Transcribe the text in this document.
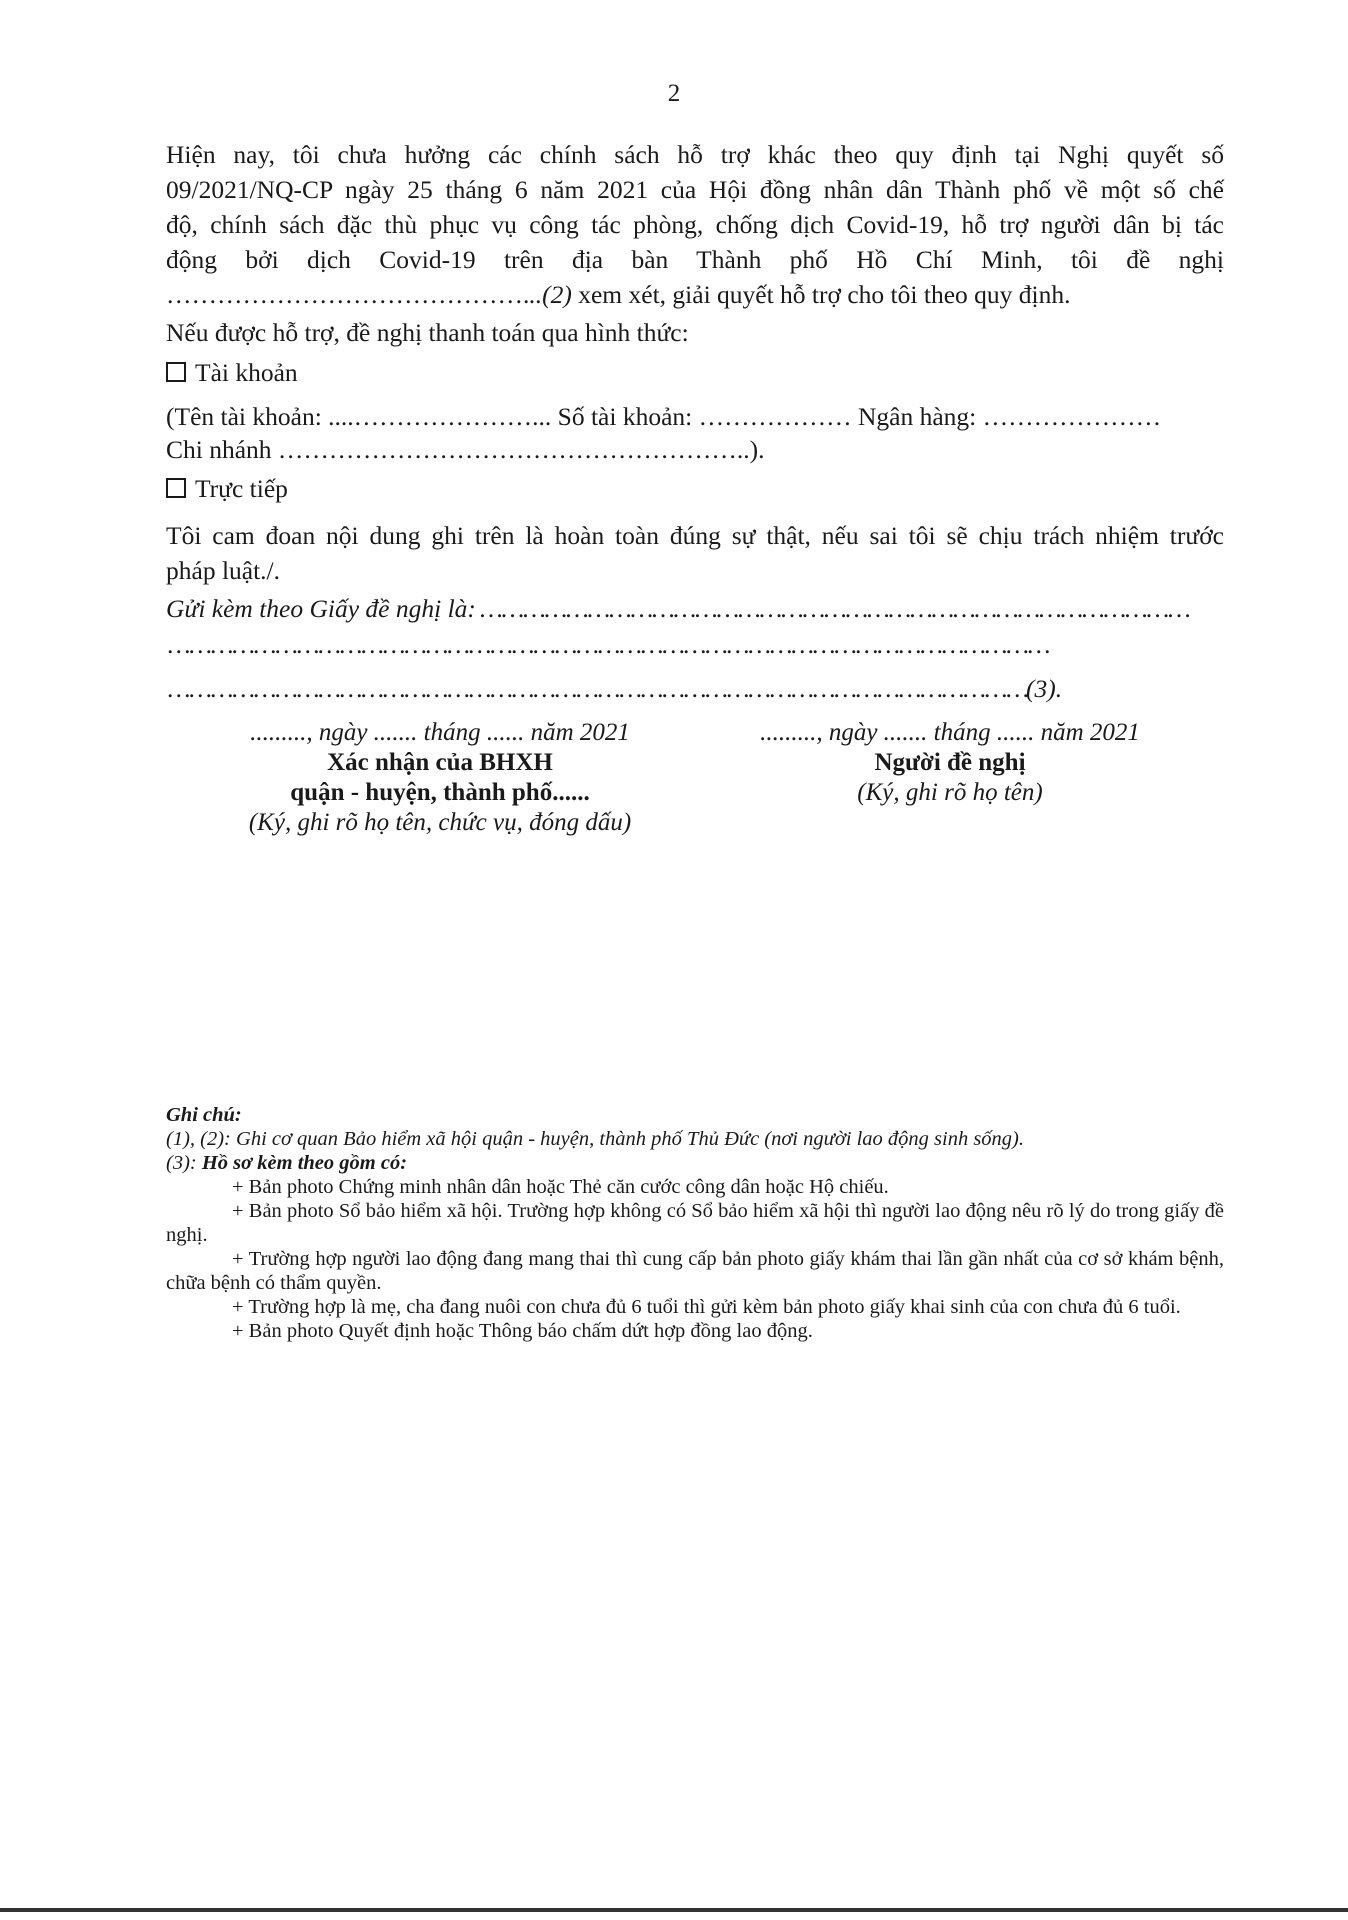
2
Hiện nay, tôi chưa hưởng các chính sách hỗ trợ khác theo quy định tại Nghị quyết số
09/2021/NQ-CP ngày 25 tháng 6 năm 2021 của Hội đồng nhân dân Thành phố về một số chế
độ, chính sách đặc thù phục vụ công tác phòng, chống dịch Covid-19, hỗ trợ người dân bị tác
động bởi dịch Covid-19 trên địa bàn Thành phố Hồ Chí Minh, tôi đề nghị
……………………………………...(2) xem xét, giải quyết hỗ trợ cho tôi theo quy định.
Nếu được hỗ trợ, đề nghị thanh toán qua hình thức:
Tài khoản
(Tên tài khoản: ....…………………... Số tài khoản: ……………… Ngân hàng: …………………
Chi nhánh ………………………………………………..).
Trực tiếp
Tôi cam đoan nội dung ghi trên là hoàn toàn đúng sự thật, nếu sai tôi sẽ chịu trách nhiệm trước
pháp luật./.
Gửi kèm theo Giấy đề nghị là: ………………………………………………………………………………………
……………………………………………………………………………………………………………
…………………………………………………………………………………………………………(3).
........., ngày ....... tháng ...... năm 2021
Xác nhận của BHXH
quận - huyện, thành phố......
(Ký, ghi rõ họ tên, chức vụ, đóng dấu)
........., ngày ....... tháng ...... năm 2021
Người đề nghị
(Ký, ghi rõ họ tên)
Ghi chú:
(1), (2): Ghi cơ quan Bảo hiểm xã hội quận - huyện, thành phố Thủ Đức (nơi người lao động sinh sống).
(3): Hồ sơ kèm theo gồm có:
+ Bản photo Chứng minh nhân dân hoặc Thẻ căn cước công dân hoặc Hộ chiếu.
+ Bản photo Sổ bảo hiểm xã hội. Trường hợp không có Sổ bảo hiểm xã hội thì người lao động nêu rõ lý do trong giấy đề nghị.
+ Trường hợp người lao động đang mang thai thì cung cấp bản photo giấy khám thai lần gần nhất của cơ sở khám bệnh, chữa bệnh có thẩm quyền.
+ Trường hợp là mẹ, cha đang nuôi con chưa đủ 6 tuổi thì gửi kèm bản photo giấy khai sinh của con chưa đủ 6 tuổi.
+ Bản photo Quyết định hoặc Thông báo chấm dứt hợp đồng lao động.
